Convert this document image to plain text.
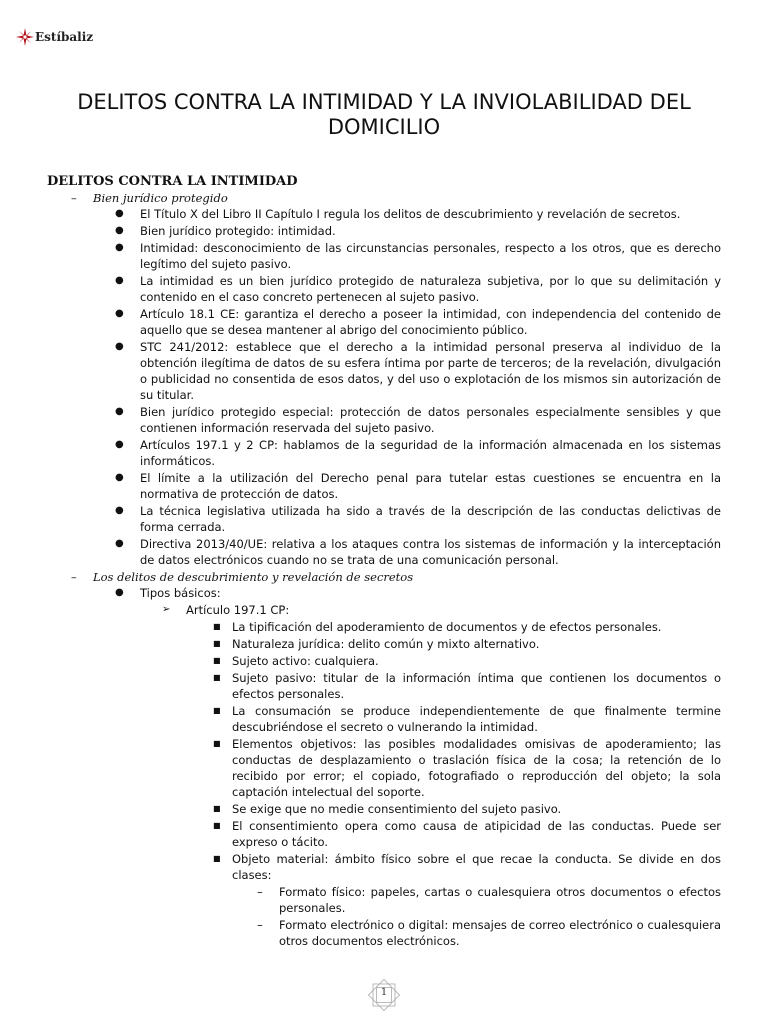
Estíbaliz
DELITOS CONTRA LA INTIMIDAD Y LA INVIOLABILIDAD DEL DOMICILIO
DELITOS CONTRA LA INTIMIDAD
– Bien jurídico protegido
● El Título X del Libro II Capítulo I regula los delitos de descubrimiento y revelación de secretos.
● Bien jurídico protegido: intimidad.
● Intimidad: desconocimiento de las circunstancias personales, respecto a los otros, que es derecho legítimo del sujeto pasivo.
● La intimidad es un bien jurídico protegido de naturaleza subjetiva, por lo que su delimitación y contenido en el caso concreto pertenecen al sujeto pasivo.
● Artículo 18.1 CE: garantiza el derecho a poseer la intimidad, con independencia del contenido de aquello que se desea mantener al abrigo del conocimiento público.
● STC 241/2012: establece que el derecho a la intimidad personal preserva al individuo de la obtención ilegítima de datos de su esfera íntima por parte de terceros; de la revelación, divulgación o publicidad no consentida de esos datos, y del uso o explotación de los mismos sin autorización de su titular.
● Bien jurídico protegido especial: protección de datos personales especialmente sensibles y que contienen información reservada del sujeto pasivo.
● Artículos 197.1 y 2 CP: hablamos de la seguridad de la información almacenada en los sistemas informáticos.
● El límite a la utilización del Derecho penal para tutelar estas cuestiones se encuentra en la normativa de protección de datos.
● La técnica legislativa utilizada ha sido a través de la descripción de las conductas delictivas de forma cerrada.
● Directiva 2013/40/UE: relativa a los ataques contra los sistemas de información y la interceptación de datos electrónicos cuando no se trata de una comunicación personal.
– Los delitos de descubrimiento y revelación de secretos
● Tipos básicos:
➢ Artículo 197.1 CP:
■ La tipificación del apoderamiento de documentos y de efectos personales.
■ Naturaleza jurídica: delito común y mixto alternativo.
■ Sujeto activo: cualquiera.
■ Sujeto pasivo: titular de la información íntima que contienen los documentos o efectos personales.
■ La consumación se produce independientemente de que finalmente termine descubriéndose el secreto o vulnerando la intimidad.
■ Elementos objetivos: las posibles modalidades omisivas de apoderamiento; las conductas de desplazamiento o traslación física de la cosa; la retención de lo recibido por error; el copiado, fotografiado o reproducción del objeto; la sola captación intelectual del soporte.
■ Se exige que no medie consentimiento del sujeto pasivo.
■ El consentimiento opera como causa de atipicidad de las conductas. Puede ser expreso o tácito.
■ Objeto material: ámbito físico sobre el que recae la conducta. Se divide en dos clases:
– Formato físico: papeles, cartas o cualesquiera otros documentos o efectos personales.
– Formato electrónico o digital: mensajes de correo electrónico o cualesquiera otros documentos electrónicos.
1
